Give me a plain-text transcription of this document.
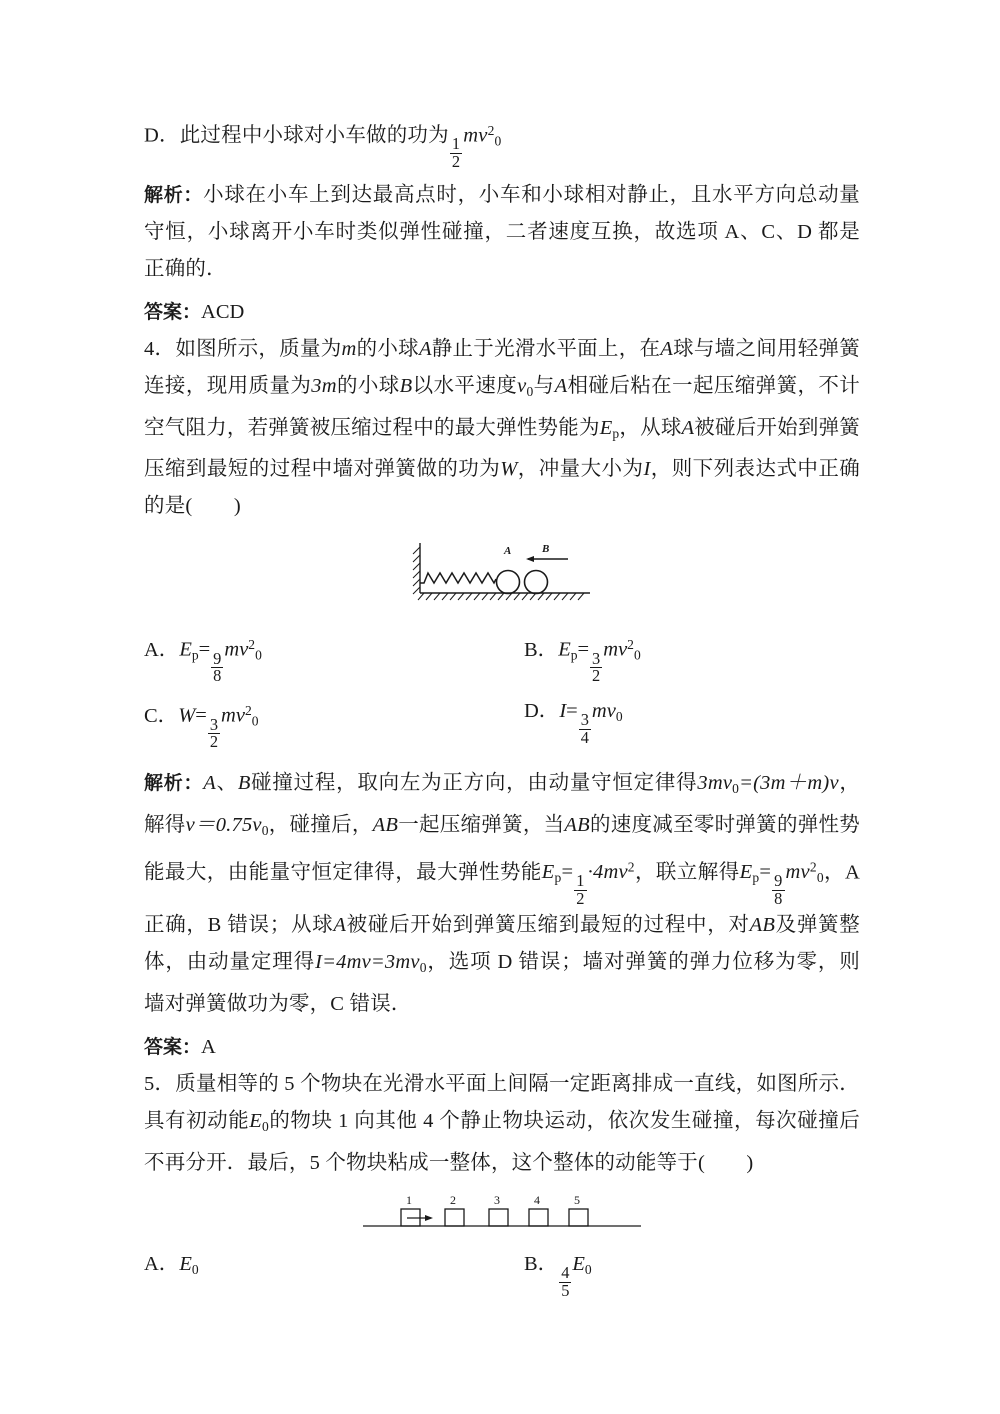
D．此过程中小球对小车做的功为
$\frac{1}{2}$
$mv^2_0$

解析：小球在小车上到达最高点时，小车和小球相对静止，且水平方向总动量守恒，小球离开小车时类似弹性碰撞，二者速度互换，故选项 A、C、D 都是正确的．

答案：ACD

4．如图所示，质量为m的小球A静止于光滑水平面上，在A球与墙之间用轻弹簧连接，现用质量为3m的小球B以水平速度$v_0$与A相碰后粘在一起压缩弹簧，不计空气阻力，若弹簧被压缩过程中的最大弹性势能为$E_p$，从球A被碰后开始到弹簧压缩到最短的过程中墙对弹簧做的功为W，冲量大小为I，则下列表达式中正确的是(　　)

A	B
A．$E_p=$
$\frac{9}{8}$
$mv^2_0$	B．$E_p=$
$\frac{3}{2}$
$mv^2_0$
C．W=
$\frac{3}{2}$
$mv^2_0$	D．I=
$\frac{3}{4}$
$mv_0$

解析：A、B碰撞过程，取向左为正方向，由动量守恒定律得$3mv_0=(3m+m)v$，解得$v=0.75v_0$，碰撞后，AB一起压缩弹簧，当AB的速度减至零时弹簧的弹性势能最大，由能量守恒定律得，最大弹性势能$E_p=$
$\frac{1}{2}$
$\cdot 4mv^2$，联立解得$E_p=$
$\frac{9}{8}$
$mv^2_0$，A 正确，B 错误；从球A被碰后开始到弹簧压缩到最短的过程中，对AB及弹簧整体，由动量定理得$I=4mv=3mv_0$，选项 D 错误；墙对弹簧的弹力位移为零，则墙对弹簧做功为零，C 错误．

答案：A

5．质量相等的 5 个物块在光滑水平面上间隔一定距离排成一直线，如图所示．具有初动能$E_0$的物块 1 向其他 4 个静止物块运动，依次发生碰撞，每次碰撞后不再分开．最后，5 个物块粘成一整体，这个整体的动能等于(　　)

1	2	3	4	5
A．$E_0$	B．
$\frac{4}{5}$
$E_0$
